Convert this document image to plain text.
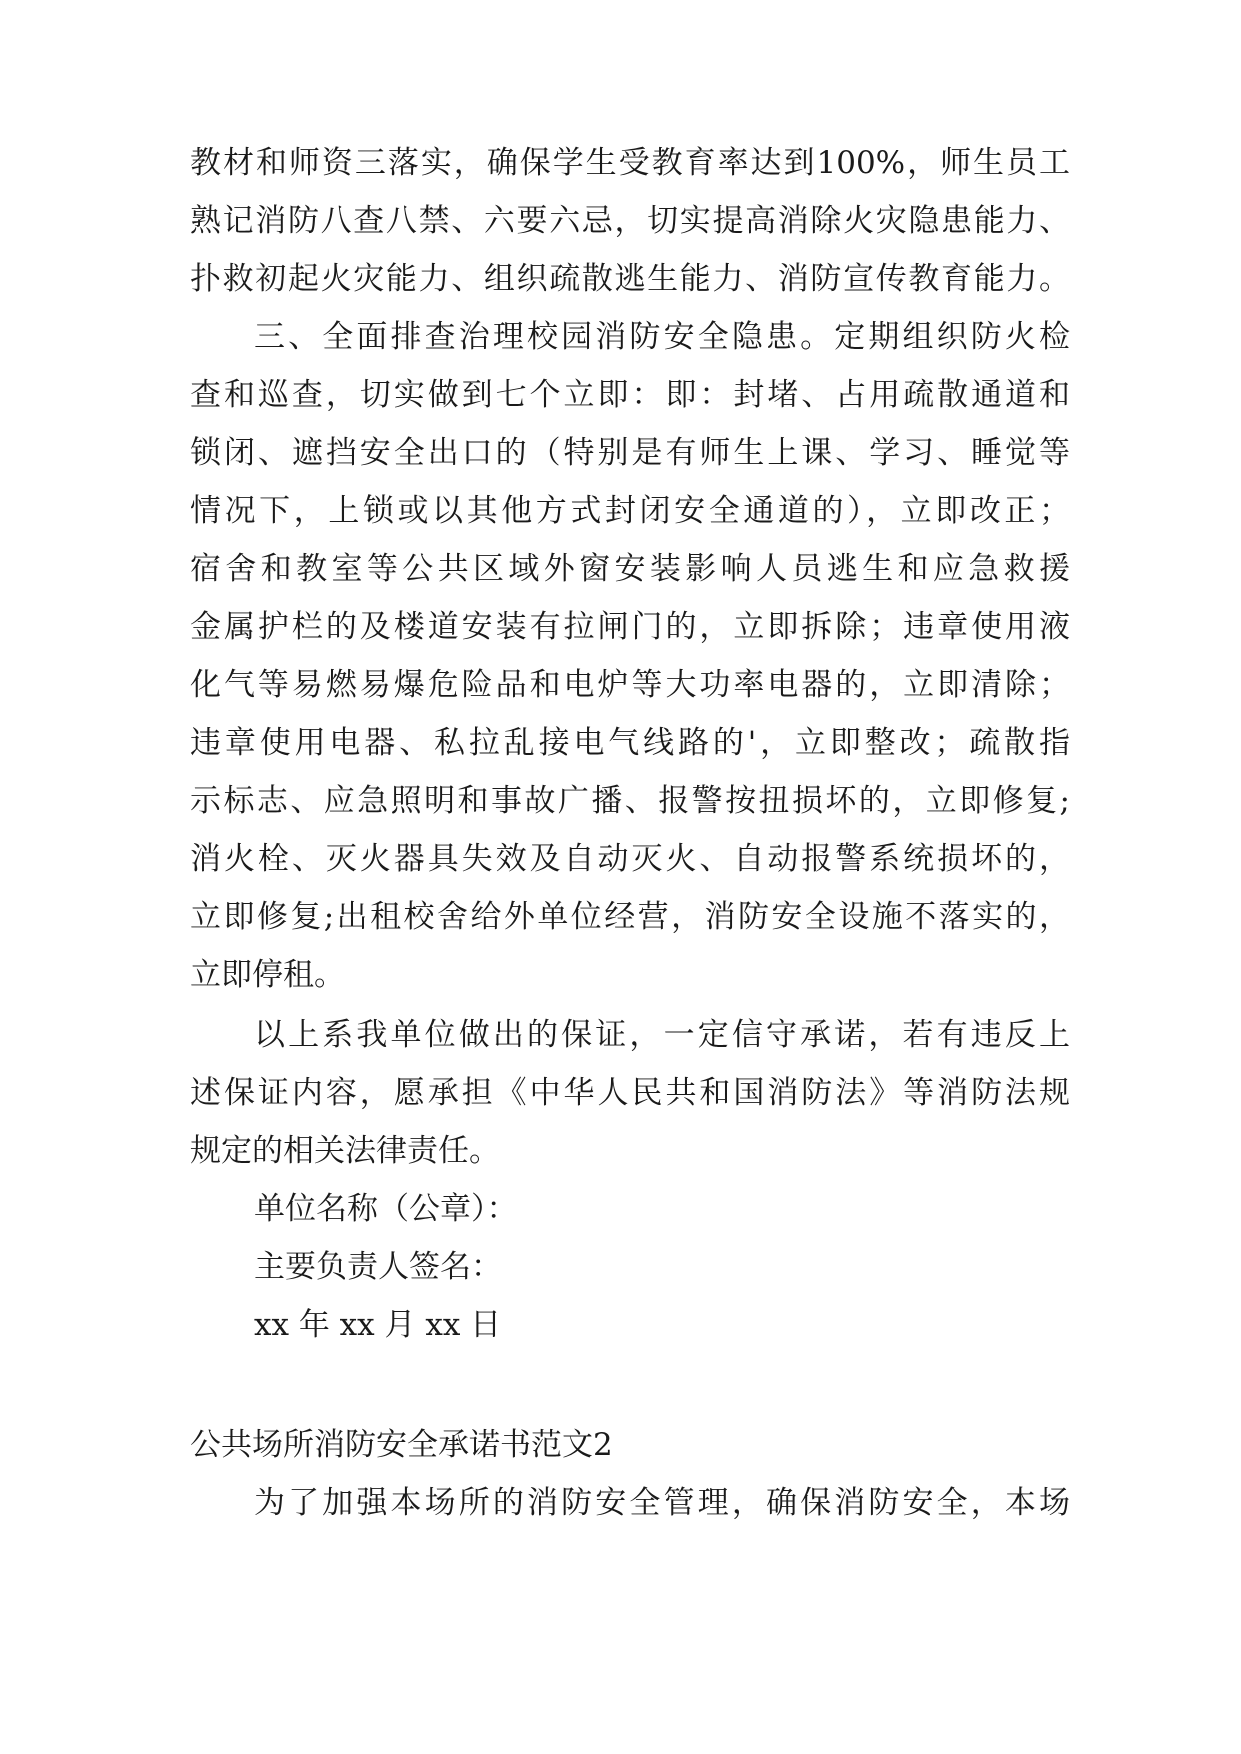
教材和师资三落实，确保学生受教育率达到100%，师生员工
熟记消防八查八禁、六要六忌，切实提高消除火灾隐患能力、
扑救初起火灾能力、组织疏散逃生能力、消防宣传教育能力。
三、全面排查治理校园消防安全隐患。定期组织防火检
查和巡查，切实做到七个立即：即：封堵、占用疏散通道和
锁闭、遮挡安全出口的（特别是有师生上课、学习、睡觉等
情况下，上锁或以其他方式封闭安全通道的），立即改正；
宿舍和教室等公共区域外窗安装影响人员逃生和应急救援
金属护栏的及楼道安装有拉闸门的，立即拆除；违章使用液
化气等易燃易爆危险品和电炉等大功率电器的，立即清除；
违章使用电器、私拉乱接电气线路的'，立即整改；疏散指
示标志、应急照明和事故广播、报警按扭损坏的，立即修复;
消火栓、灭火器具失效及自动灭火、自动报警系统损坏的，
立即修复;出租校舍给外单位经营，消防安全设施不落实的，
立即停租。
以上系我单位做出的保证，一定信守承诺，若有违反上
述保证内容，愿承担《中华人民共和国消防法》等消防法规
规定的相关法律责任。
单位名称（公章）：
主要负责人签名：
xx 年 xx 月 xx 日
公共场所消防安全承诺书范文2
为了加强本场所的消防安全管理，确保消防安全，本场
